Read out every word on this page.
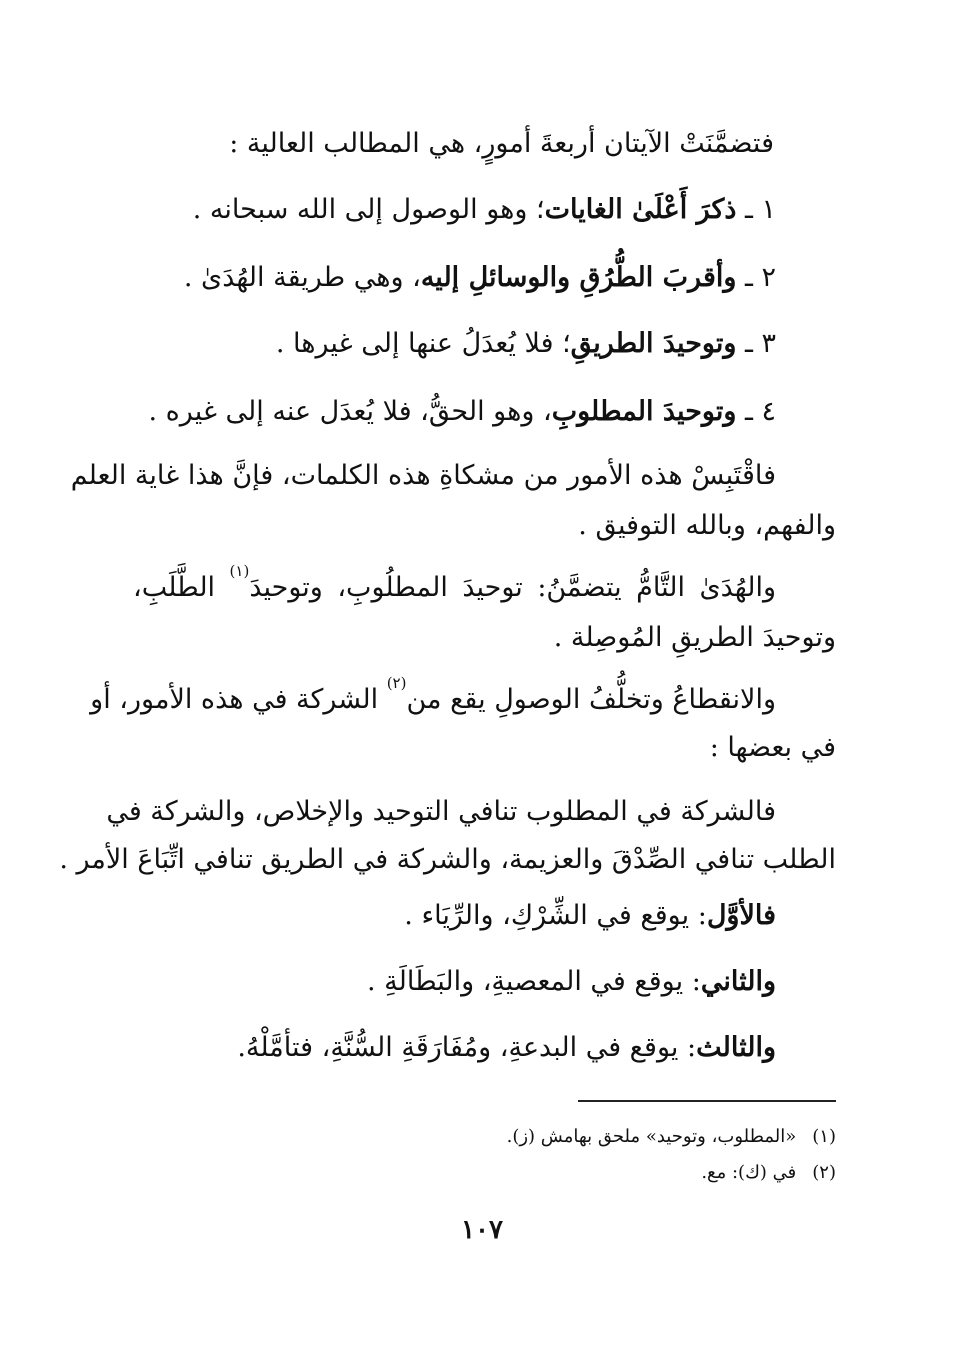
فتضمَّنَتْ الآيتان أربعةَ أمورٍ، هي المطالب العالية :
١ ـ ذكرَ أَعْلَىٰ الغايات؛ وهو الوصول إلى الله سبحانه .
٢ ـ وأقربَ الطُّرُقِ والوسائلِ إليه، وهي طريقة الهُدَىٰ .
٣ ـ وتوحيدَ الطريقِ؛ فلا يُعدَلُ عنها إلى غيرها .
٤ ـ وتوحيدَ المطلوبِ، وهو الحقُّ، فلا يُعدَل عنه إلى غيره .
فاقْتَبِسْ هذه الأمور من مشكاةِ هذه الكلمات، فإنَّ هذا غاية العلم
والفهم، وبالله التوفيق .
والهُدَىٰ التَّامُّ يتضمَّنُ: توحيدَ المطلُوبِ، وتوحيدَ$^{(١)}$ الطَّلَبِ،
وتوحيدَ الطريقِ المُوصِلة .
والانقطاعُ وتخلُّفُ الوصولِ يقع من$^{(٢)}$ الشركة في هذه الأمور، أو
في بعضها :
فالشركة في المطلوب تنافي التوحيد والإخلاص، والشركة في
الطلب تنافي الصِّدْقَ والعزيمة، والشركة في الطريق تنافي اتِّبَاعَ الأمر .
فالأوَّل: يوقع في الشِّرْكِ، والرِّيَاء .
والثاني: يوقع في المعصيةِ، والبَطَالَةِ .
والثالث: يوقع في البدعةِ، ومُفَارَقَةِ السُّنَّةِ، فتأمَّلْهُ.
(١)«المطلوب، وتوحيد» ملحق بهامش (ز).
(٢)في (ك): مع.
١٠٧
